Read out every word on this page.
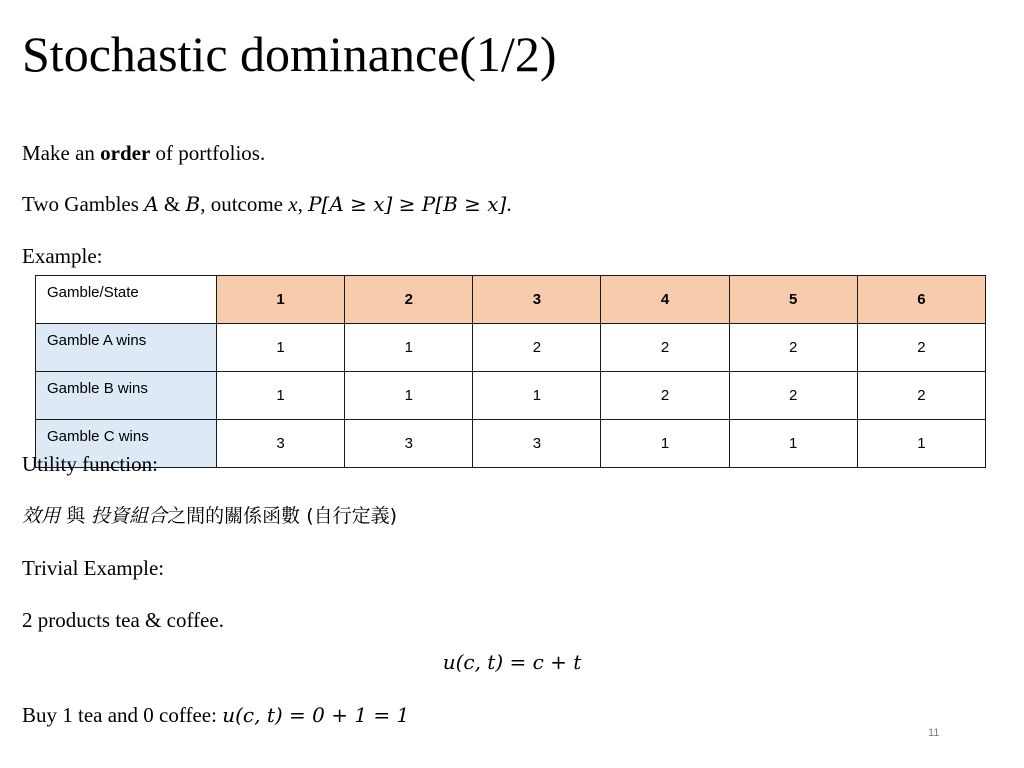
Stochastic dominance(1/2)
Make an order of portfolios.
Two Gambles A & B, outcome x, P[A ≥ x] ≥ P[B ≥ x].
Example:
Gamble/State	1	2	3	4	5	6
Gamble A wins	1	1	2	2	2	2
Gamble B wins	1	1	1	2	2	2
Gamble C wins	3	3	3	1	1	1
Utility function:
效用 與 投資組合之間的關係函數 (自行定義)
Trivial Example:
2 products tea & coffee.
u(c, t) = c + t
Buy 1 tea and 0 coffee: u(c, t) = 0 + 1 = 1
11
